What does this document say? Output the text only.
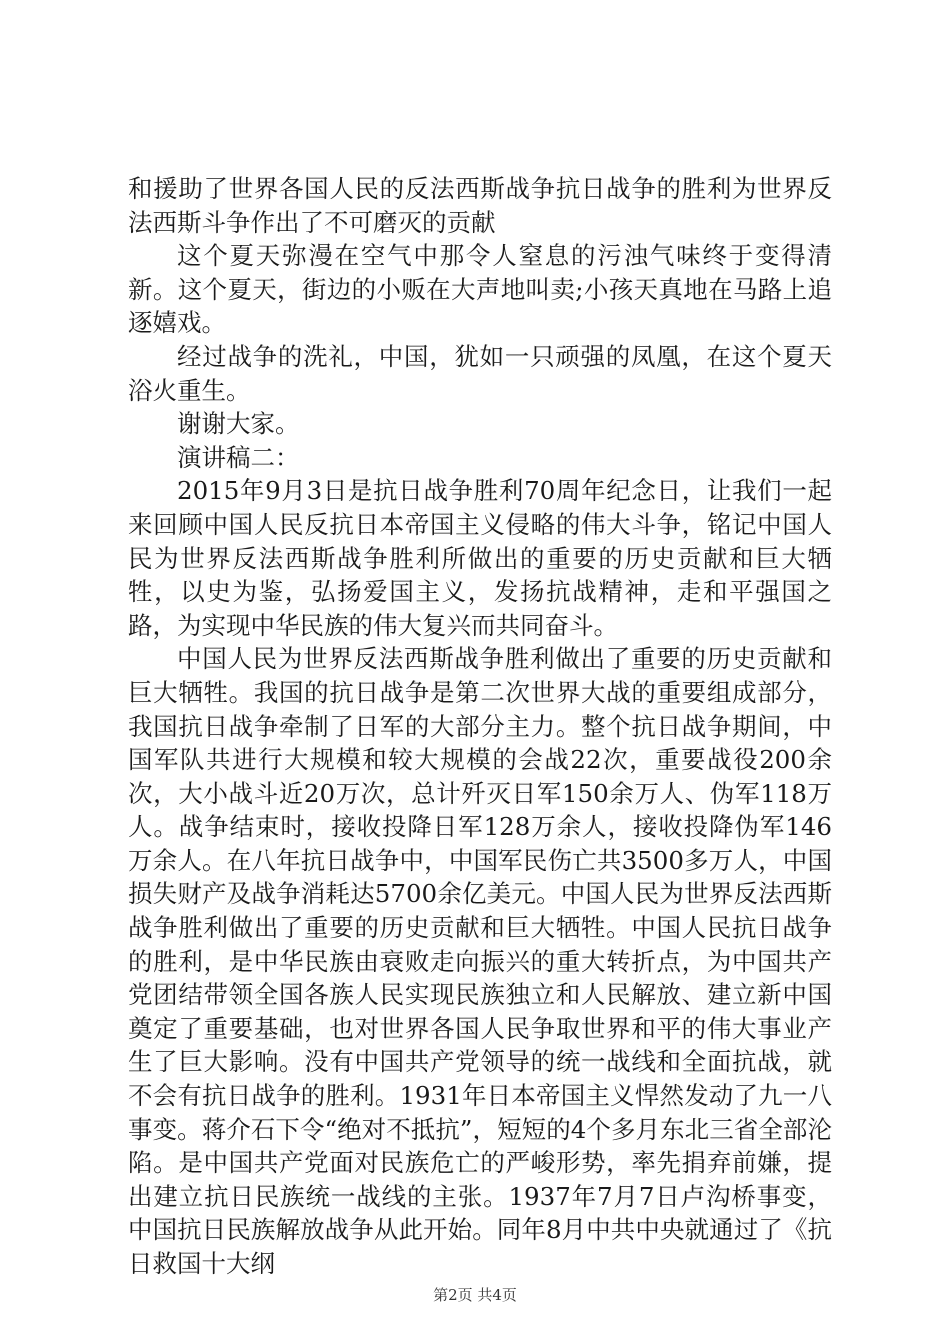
和援助了世界各国人民的反法西斯战争抗日战争的胜利为世界反法西斯斗争作出了不可磨灭的贡献

这个夏天弥漫在空气中那令人窒息的污浊气味终于变得清新。这个夏天，街边的小贩在大声地叫卖;小孩天真地在马路上追逐嬉戏。

经过战争的洗礼，中国，犹如一只顽强的凤凰，在这个夏天浴火重生。

谢谢大家。

演讲稿二：

2015年9月3日是抗日战争胜利70周年纪念日，让我们一起来回顾中国人民反抗日本帝国主义侵略的伟大斗争，铭记中国人民为世界反法西斯战争胜利所做出的重要的历史贡献和巨大牺牲，以史为鉴，弘扬爱国主义，发扬抗战精神，走和平强国之路，为实现中华民族的伟大复兴而共同奋斗。

中国人民为世界反法西斯战争胜利做出了重要的历史贡献和巨大牺牲。我国的抗日战争是第二次世界大战的重要组成部分，我国抗日战争牵制了日军的大部分主力。整个抗日战争期间，中国军队共进行大规模和较大规模的会战22次，重要战役200余次，大小战斗近20万次，总计歼灭日军150余万人、伪军118万人。战争结束时，接收投降日军128万余人，接收投降伪军146万余人。在八年抗日战争中，中国军民伤亡共3500多万人，中国损失财产及战争消耗达5700余亿美元。中国人民为世界反法西斯战争胜利做出了重要的历史贡献和巨大牺牲。中国人民抗日战争的胜利，是中华民族由衰败走向振兴的重大转折点，为中国共产党团结带领全国各族人民实现民族独立和人民解放、建立新中国奠定了重要基础，也对世界各国人民争取世界和平的伟大事业产生了巨大影响。没有中国共产党领导的统一战线和全面抗战，就不会有抗日战争的胜利。1931年日本帝国主义悍然发动了九一八事变。蒋介石下令“绝对不抵抗”，短短的4个多月东北三省全部沦陷。是中国共产党面对民族危亡的严峻形势，率先捐弃前嫌，提出建立抗日民族统一战线的主张。1937年7月7日卢沟桥事变，中国抗日民族解放战争从此开始。同年8月中共中央就通过了《抗日救国十大纲

第2页 共4页
